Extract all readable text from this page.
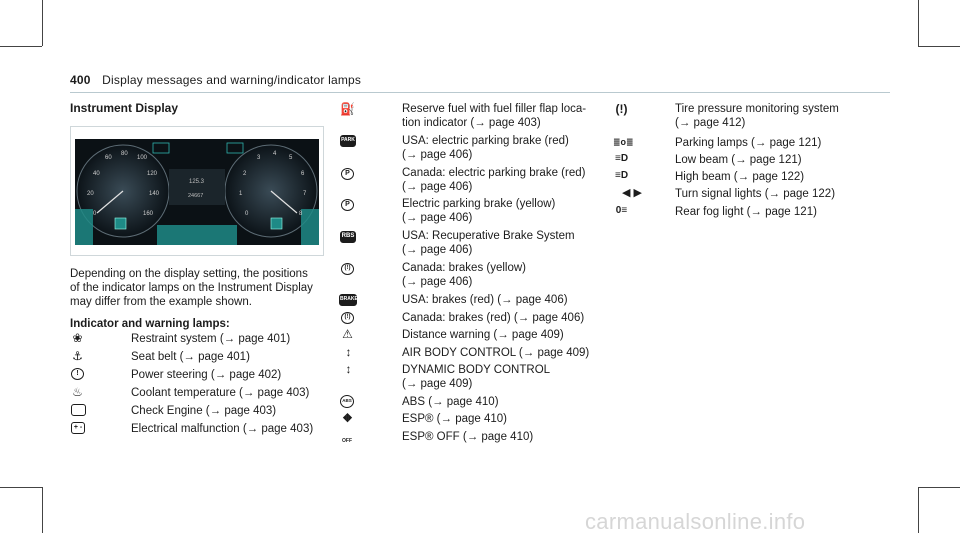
400 Display messages and warning/indicator lamps
Instrument Display
60
80
100
120
140
160
40
20
0
3
4
5
6
2
1	7
0	8
125.3
24667
Depending on the display setting, the positions
of the indicator lamps on the Instrument Display
may differ from the example shown.
Indicator and warning lamps:
❀	Restraint system (→ page 401)
⚓	Seat belt (→ page 401)
!	Power steering (→ page 402)
♨	Coolant temperature (→ page 403)
Check Engine (→ page 403)
+ -	Electrical malfunction (→ page 403)
⛽	Reserve fuel with fuel filler flap loca-
tion indicator (→ page 403)
PARK	USA: electric parking brake (red)
(→ page 406)
P	Canada: electric parking brake (red)
(→ page 406)
P	Electric parking brake (yellow)
(→ page 406)
RBS	USA: Recuperative Brake System
(→ page 406)
(!)	Canada: brakes (yellow)
(→ page 406)
BRAKE	USA: brakes (red) (→ page 406)
(!)	Canada: brakes (red) (→ page 406)
⚠	Distance warning (→ page 409)
↕	AIR BODY CONTROL (→ page 409)
↕	DYNAMIC BODY CONTROL
(→ page 409)
ABS	ABS (→ page 410)
⛖	ESP® (→ page 410)
OFF	ESP® OFF (→ page 410)
(!)	Tire pressure monitoring system
(→ page 412)
≣o≣	Parking lamps (→ page 121)
≡D	Low beam (→ page 121)
≡D	High beam (→ page 122)
◀ ▶	Turn signal lights (→ page 122)
0≡	Rear fog light (→ page 121)
carmanualsonline.info
